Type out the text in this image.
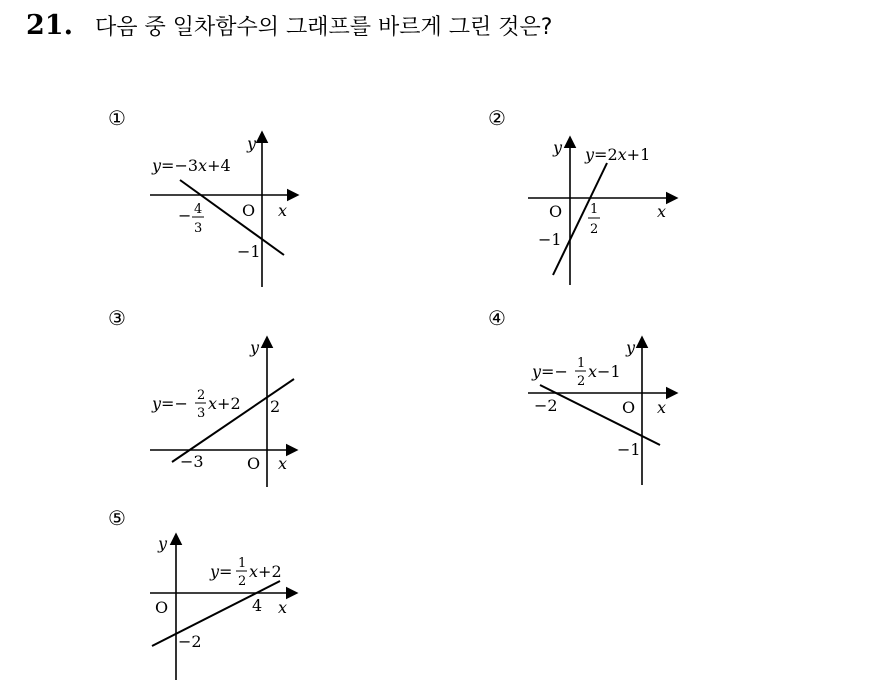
21. 다음 중 일차함수의 그래프를 바르게 그린 것은?
①
y
x
O
y=−3x+4
− 4
3
−1
②
y
x
O
y=2x+1
1
2
−1
③
y
x
O
y=− 2
3
x+2
−3
2
④
y
x
O
y=− 1
2
x−1
−2
−1
⑤
y
x
O
y= 1
2
x+2
4
−2
